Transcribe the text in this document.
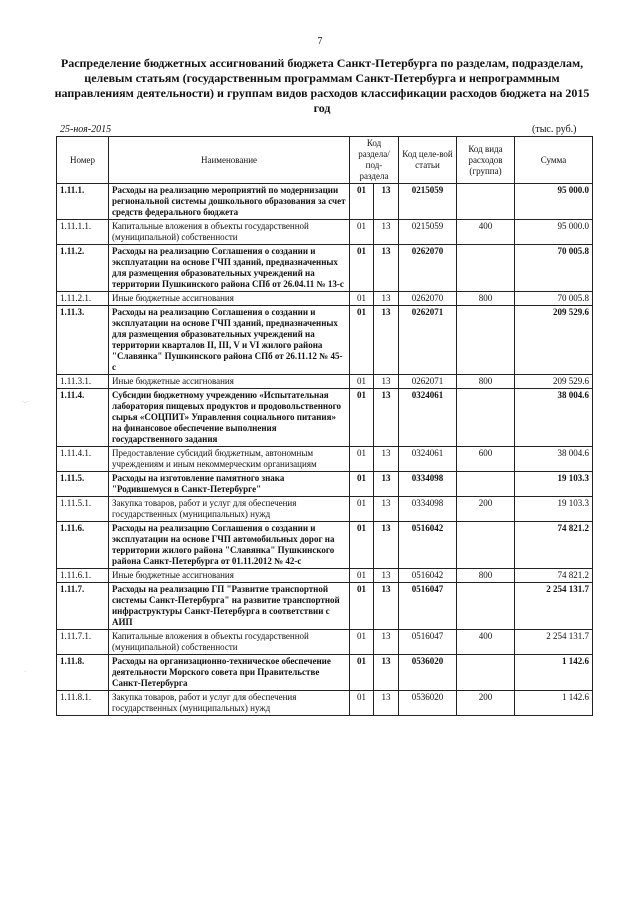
7
Распределение бюджетных ассигнований бюджета Санкт-Петербурга по разделам, подразделам, целевым статьям (государственным программам Санкт-Петербурга и непрограммным направлениям деятельности) и группам видов расходов классификации расходов бюджета на 2015 год
25-ноя-2015	(тыс. руб.)
Номер	Наименование	Код раздела/ под-раздела		Код целе-вой статьи	Код вида расходов (группа)	Сумма
1.11.1.	Расходы на реализацию мероприятий по модернизации региональной системы дошкольного образования за счет средств федерального бюджета	01	13	0215059		95 000.0
1.11.1.1.	Капитальные вложения в объекты государственной (муниципальной) собственности	01	13	0215059	400	95 000.0
1.11.2.	Расходы на реализацию Соглашения о создании и эксплуатации на основе ГЧП зданий, предназначенных для размещения образовательных учреждений на территории Пушкинского района СПб от 26.04.11 № 13-с	01	13	0262070		70 005.8
1.11.2.1.	Иные бюджетные ассигнования	01	13	0262070	800	70 005.8
1.11.3.	Расходы на реализацию Соглашения о создании и эксплуатации на основе ГЧП зданий, предназначенных для размещения образовательных учреждений на территории кварталов II, III, V и VI жилого района "Славянка" Пушкинского района СПб от 26.11.12 № 45-с	01	13	0262071		209 529.6
1.11.3.1.	Иные бюджетные ассигнования	01	13	0262071	800	209 529.6
1.11.4.	Субсидии бюджетному учреждению «Испытательная лаборатория пищевых продуктов и продовольственного сырья «СОЦПИТ» Управления социального питания» на финансовое обеспечение выполнения государственного задания	01	13	0324061		38 004.6
1.11.4.1.	Предоставление субсидий бюджетным, автономным учреждениям и иным некоммерческим организациям	01	13	0324061	600	38 004.6
1.11.5.	Расходы на изготовление памятного знака "Родившемуся в Санкт-Петербурге"	01	13	0334098		19 103.3
1.11.5.1.	Закупка товаров, работ и услуг для обеспечения государственных (муниципальных) нужд	01	13	0334098	200	19 103.3
1.11.6.	Расходы на реализацию Соглашения о создании и эксплуатации на основе ГЧП автомобильных дорог на территории жилого района "Славянка" Пушкинского района Санкт-Петербурга от 01.11.2012 № 42-с	01	13	0516042		74 821.2
1.11.6.1.	Иные бюджетные ассигнования	01	13	0516042	800	74 821.2
1.11.7.	Расходы на реализацию ГП "Развитие транспортной системы Санкт-Петербурга" на развитие транспортной инфраструктуры Санкт-Петербурга в соответствии с АИП	01	13	0516047		2 254 131.7
1.11.7.1.	Капитальные вложения в объекты государственной (муниципальной) собственности	01	13	0516047	400	2 254 131.7
1.11.8.	Расходы на организационно-техническое обеспечение деятельности Морского совета при Правительстве Санкт-Петербурга	01	13	0536020		1 142.6
1.11.8.1.	Закупка товаров, работ и услуг для обеспечения государственных (муниципальных) нужд	01	13	0536020	200	1 142.6
·-·
·
